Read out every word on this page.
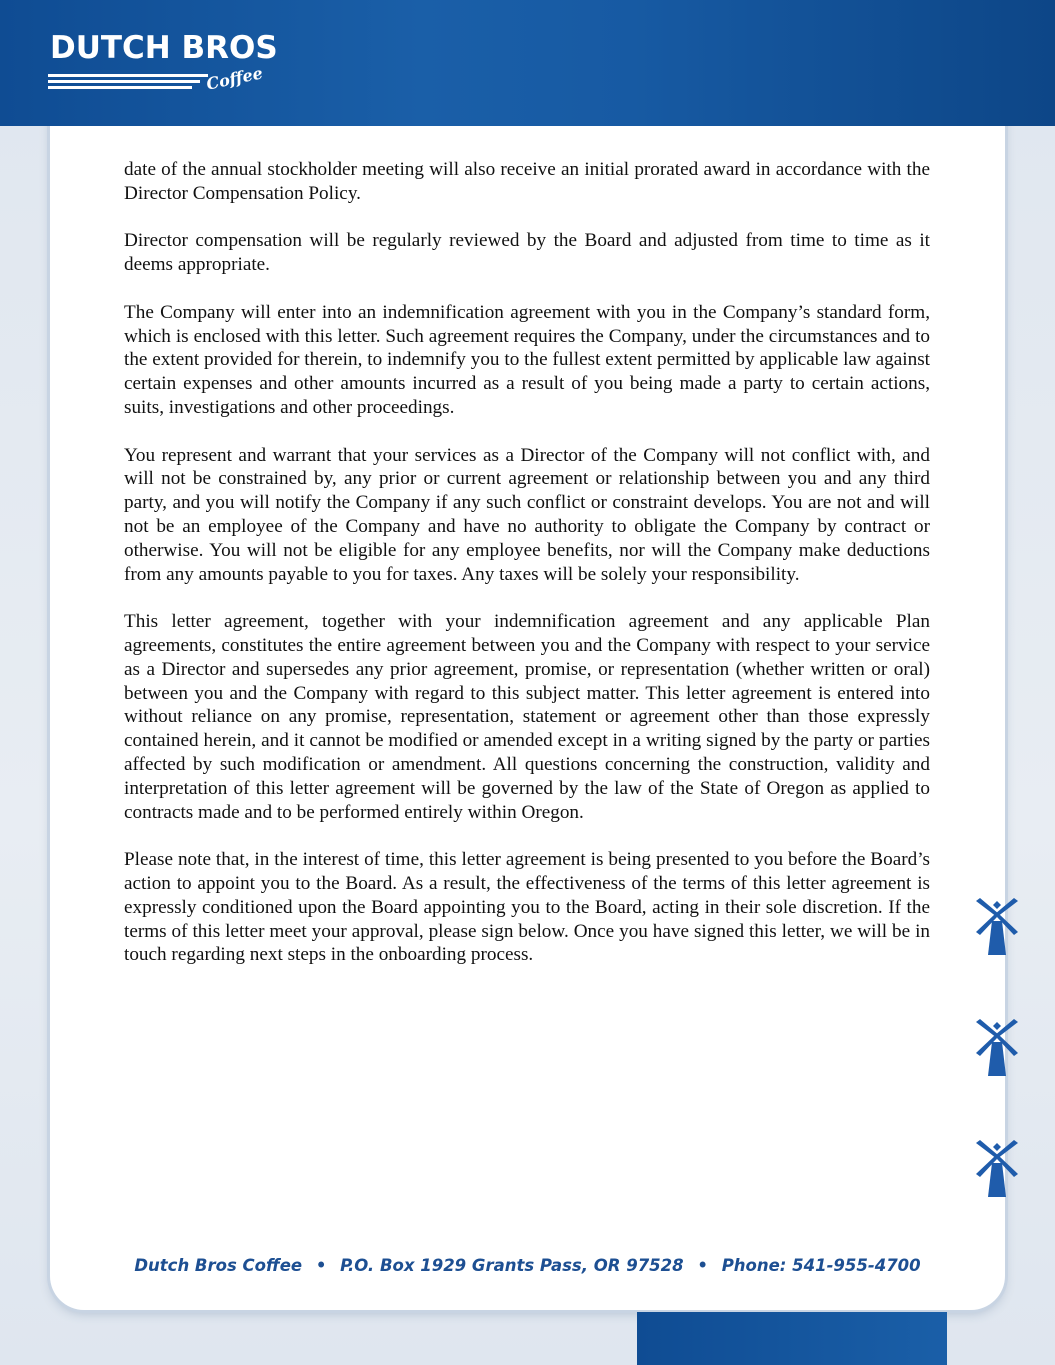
DUTCH BROS
Coffee

date of the annual stockholder meeting will also receive an initial prorated award in accordance with the Director Compensation Policy.

Director compensation will be regularly reviewed by the Board and adjusted from time to time as it deems appropriate.

The Company will enter into an indemnification agreement with you in the Company’s standard form, which is enclosed with this letter. Such agreement requires the Company, under the circumstances and to the extent provided for therein, to indemnify you to the fullest extent permitted by applicable law against certain expenses and other amounts incurred as a result of you being made a party to certain actions, suits, investigations and other proceedings.

You represent and warrant that your services as a Director of the Company will not conflict with, and will not be constrained by, any prior or current agreement or relationship between you and any third party, and you will notify the Company if any such conflict or constraint develops. You are not and will not be an employee of the Company and have no authority to obligate the Company by contract or otherwise. You will not be eligible for any employee benefits, nor will the Company make deductions from any amounts payable to you for taxes. Any taxes will be solely your responsibility.

This letter agreement, together with your indemnification agreement and any applicable Plan agreements, constitutes the entire agreement between you and the Company with respect to your service as a Director and supersedes any prior agreement, promise, or representation (whether written or oral) between you and the Company with regard to this subject matter. This letter agreement is entered into without reliance on any promise, representation, statement or agreement other than those expressly contained herein, and it cannot be modified or amended except in a writing signed by the party or parties affected by such modification or amendment. All questions concerning the construction, validity and interpretation of this letter agreement will be governed by the law of the State of Oregon as applied to contracts made and to be performed entirely within Oregon.

Please note that, in the interest of time, this letter agreement is being presented to you before the Board’s action to appoint you to the Board. As a result, the effectiveness of the terms of this letter agreement is expressly conditioned upon the Board appointing you to the Board, acting in their sole discretion. If the terms of this letter meet your approval, please sign below. Once you have signed this letter, we will be in touch regarding next steps in the onboarding process.

Dutch Bros Coffee • P.O. Box 1929 Grants Pass, OR 97528 • Phone: 541-955-4700
